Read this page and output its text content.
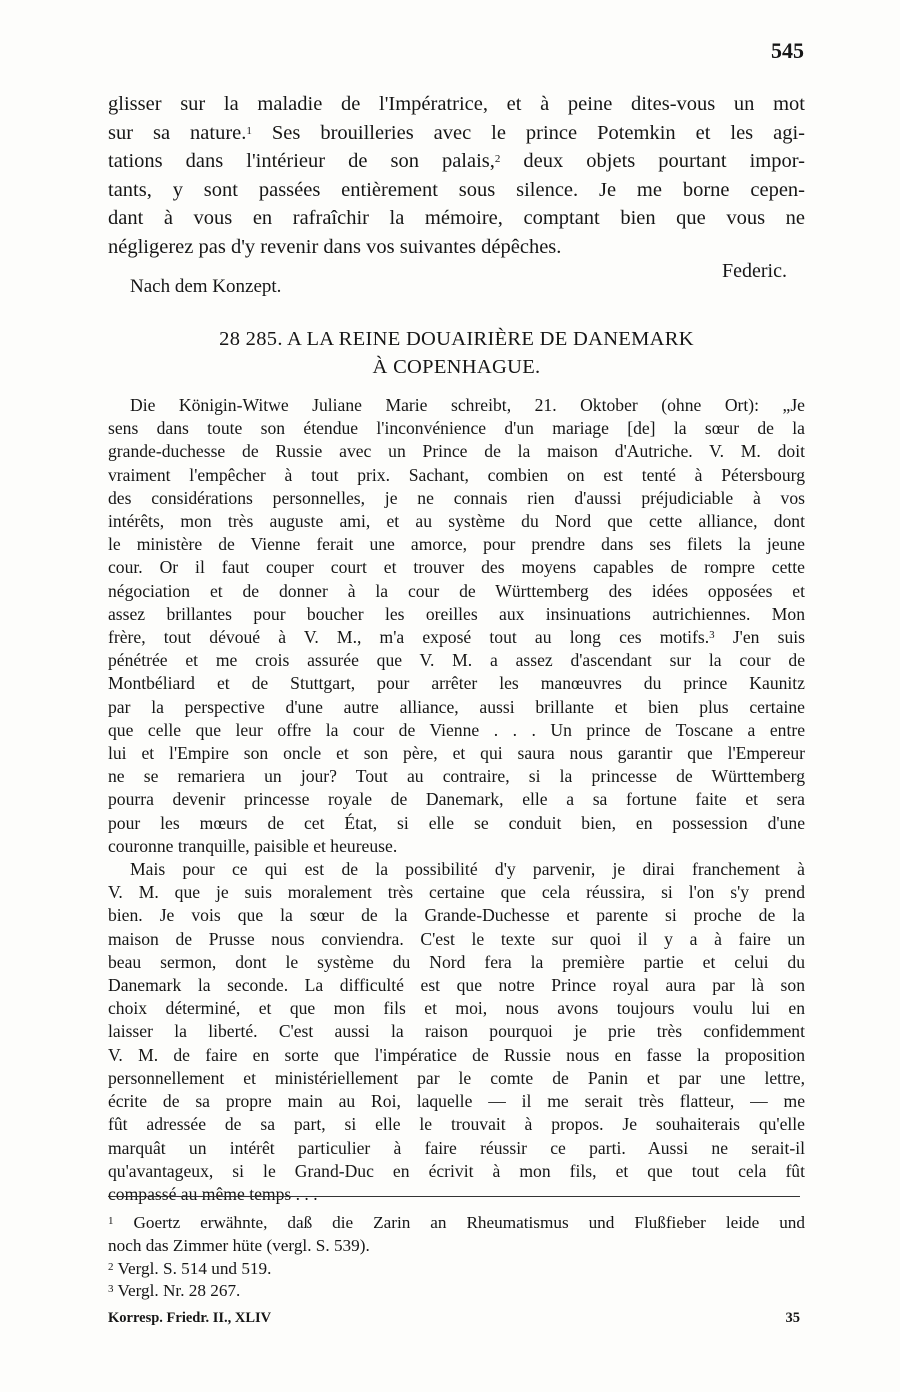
545
glisser sur la maladie de l'Impératrice, et à peine dites-vous un mot
sur sa nature.$^1$ Ses brouilleries avec le prince Potemkin et les agi-
tations dans l'intérieur de son palais,$^2$ deux objets pourtant impor-
tants, y sont passées entièrement sous silence. Je me borne cepen-
dant à vous en rafraîchir la mémoire, comptant bien que vous ne
négligerez pas d'y revenir dans vos suivantes dépêches.
Nach dem Konzept.
Federic.
28 285. A LA REINE DOUAIRIÈRE DE DANEMARK
À COPENHAGUE.
Die Königin-Witwe Juliane Marie schreibt, 21. Oktober (ohne Ort): „Je
sens dans toute son étendue l'inconvénience d'un mariage [de] la sœur de la
grande-duchesse de Russie avec un Prince de la maison d'Autriche. V. M. doit
vraiment l'empêcher à tout prix. Sachant, combien on est tenté à Pétersbourg
des considérations personnelles, je ne connais rien d'aussi préjudiciable à vos
intérêts, mon très auguste ami, et au système du Nord que cette alliance, dont
le ministère de Vienne ferait une amorce, pour prendre dans ses filets la jeune
cour. Or il faut couper court et trouver des moyens capables de rompre cette
négociation et de donner à la cour de Württemberg des idées opposées et
assez brillantes pour boucher les oreilles aux insinuations autrichiennes. Mon
frère, tout dévoué à V. M., m'a exposé tout au long ces motifs.$^3$ J'en suis
pénétrée et me crois assurée que V. M. a assez d'ascendant sur la cour de
Montbéliard et de Stuttgart, pour arrêter les manœuvres du prince Kaunitz
par la perspective d'une autre alliance, aussi brillante et bien plus certaine
que celle que leur offre la cour de Vienne . . . Un prince de Toscane a entre
lui et l'Empire son oncle et son père, et qui saura nous garantir que l'Empereur
ne se remariera un jour? Tout au contraire, si la princesse de Württemberg
pourra devenir princesse royale de Danemark, elle a sa fortune faite et sera
pour les mœurs de cet État, si elle se conduit bien, en possession d'une
couronne tranquille, paisible et heureuse.
Mais pour ce qui est de la possibilité d'y parvenir, je dirai franchement à
V. M. que je suis moralement très certaine que cela réussira, si l'on s'y prend
bien. Je vois que la sœur de la Grande-Duchesse et parente si proche de la
maison de Prusse nous conviendra. C'est le texte sur quoi il y a à faire un
beau sermon, dont le système du Nord fera la première partie et celui du
Danemark la seconde. La difficulté est que notre Prince royal aura par là son
choix déterminé, et que mon fils et moi, nous avons toujours voulu lui en
laisser la liberté. C'est aussi la raison pourquoi je prie très confidemment
V. M. de faire en sorte que l'impératice de Russie nous en fasse la proposition
personnellement et ministériellement par le comte de Panin et par une lettre,
écrite de sa propre main au Roi, laquelle — il me serait très flatteur, — me
fût adressée de sa part, si elle le trouvait à propos. Je souhaiterais qu'elle
marquât un intérêt particulier à faire réussir ce parti. Aussi ne serait-il
qu'avantageux, si le Grand-Duc en écrivit à mon fils, et que tout cela fût
compassé au même temps . . .
$^1$ Goertz erwähnte, daß die Zarin an Rheumatismus und Flußfieber leide und
noch das Zimmer hüte (vergl. S. 539).
$^2$ Vergl. S. 514 und 519.
$^3$ Vergl. Nr. 28 267.
Korresp. Friedr. II., XLIV	35
